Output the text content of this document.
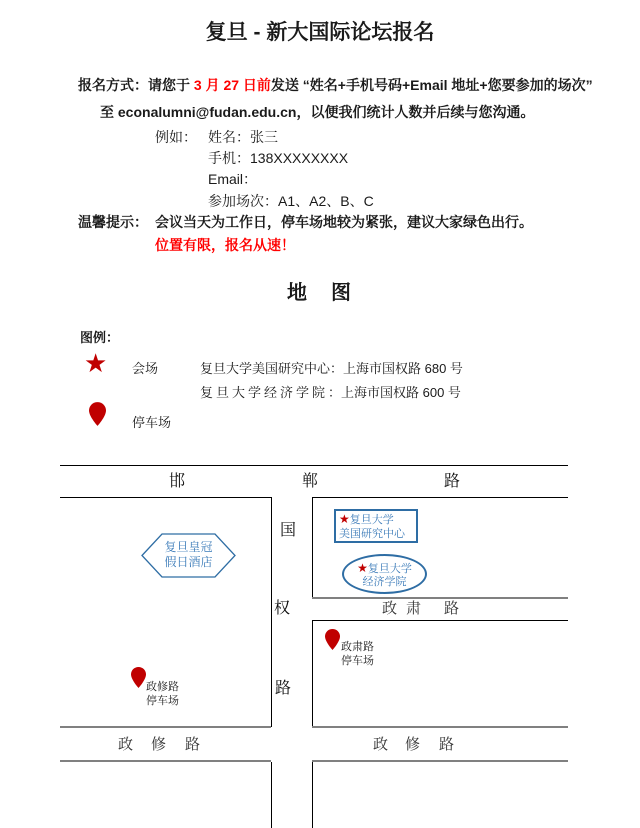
复旦 - 新大国际论坛报名
报名方式：请您于 3 月 27 日前发送 “姓名+手机号码+Email 地址+您要参加的场次”
至 econalumni@fudan.edu.cn，以便我们统计人数并后续与您沟通。
例如： 姓名：张三
手机：138XXXXXXXX
Email：
参加场次：A1、A2、B、C
温馨提示： 会议当天为工作日，停车场地较为紧张，建议大家绿色出行。
位置有限，报名从速！
地　图
图例：
★ 会场	复旦大学美国研究中心：上海市国权路 680 号
复旦大学经济学院：上海市国权路 600 号
停车场
邯	郸	路
国
权
路
复旦皇冠
假日酒店
★复旦大学
美国研究中心
★复旦大学
经济学院
政 肃 路
政肃路
停车场
政修路
停车场
政 修 路	政 修 路
